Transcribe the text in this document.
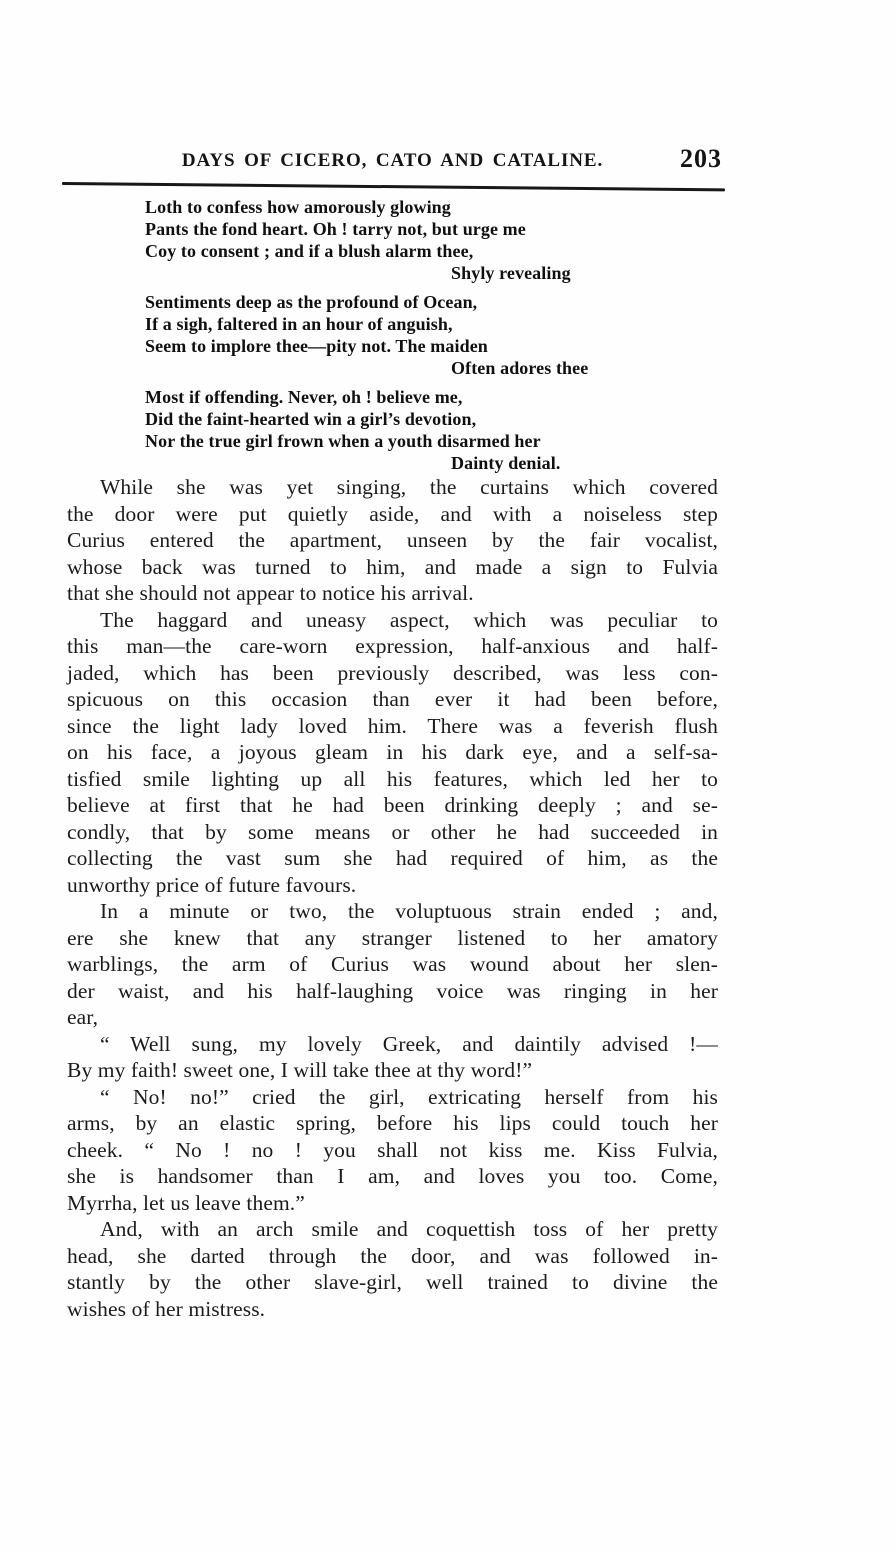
DAYS OF CICERO, CATO AND CATALINE.	203
Loth to confess how amorously glowing
Pants the fond heart. Oh ! tarry not, but urge me
Coy to consent ; and if a blush alarm thee,
Shyly revealing
Sentiments deep as the profound of Ocean,
If a sigh, faltered in an hour of anguish,
Seem to implore thee—pity not. The maiden
Often adores thee
Most if offending. Never, oh ! believe me,
Did the faint-hearted win a girl’s devotion,
Nor the true girl frown when a youth disarmed her
Dainty denial.
While she was yet singing, the curtains which covered
the door were put quietly aside, and with a noiseless step
Curius entered the apartment, unseen by the fair vocalist,
whose back was turned to him, and made a sign to Fulvia
that she should not appear to notice his arrival.
The haggard and uneasy aspect, which was peculiar to
this man—the care-worn expression, half-anxious and half-
jaded, which has been previously described, was less con-
spicuous on this occasion than ever it had been before,
since the light lady loved him. There was a feverish flush
on his face, a joyous gleam in his dark eye, and a self-sa-
tisfied smile lighting up all his features, which led her to
believe at first that he had been drinking deeply ; and se-
condly, that by some means or other he had succeeded in
collecting the vast sum she had required of him, as the
unworthy price of future favours.
In a minute or two, the voluptuous strain ended ; and,
ere she knew that any stranger listened to her amatory
warblings, the arm of Curius was wound about her slen-
der waist, and his half-laughing voice was ringing in her
ear,
“ Well sung, my lovely Greek, and daintily advised !—
By my faith! sweet one, I will take thee at thy word!”
“ No! no!” cried the girl, extricating herself from his
arms, by an elastic spring, before his lips could touch her
cheek. “ No ! no ! you shall not kiss me. Kiss Fulvia,
she is handsomer than I am, and loves you too. Come,
Myrrha, let us leave them.”
And, with an arch smile and coquettish toss of her pretty
head, she darted through the door, and was followed in-
stantly by the other slave-girl, well trained to divine the
wishes of her mistress.
